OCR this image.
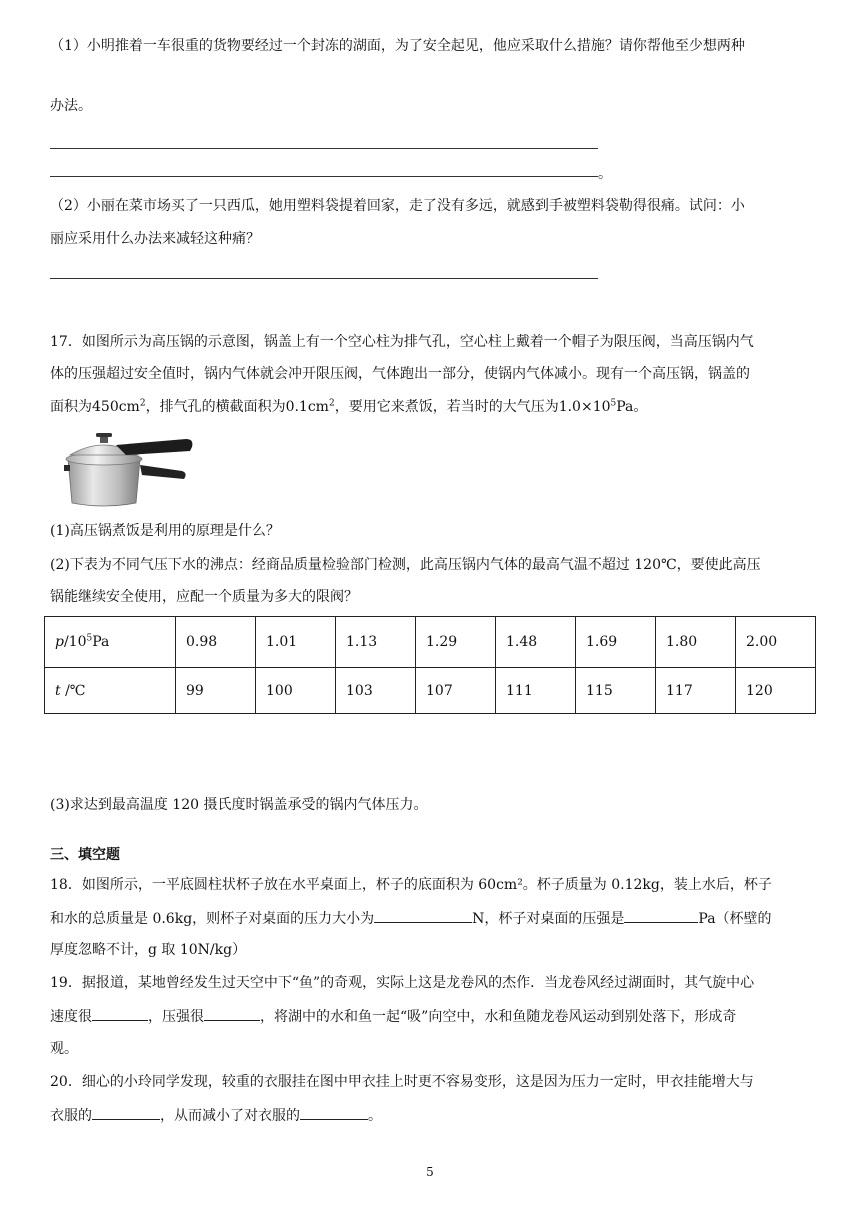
（1）小明推着一车很重的货物要经过一个封冻的湖面，为了安全起见，他应采取什么措施？请你帮他至少想两种
办法。
。
（2）小丽在菜市场买了一只西瓜，她用塑料袋提着回家，走了没有多远，就感到手被塑料袋勒得很痛。试问：小
丽应采用什么办法来减轻这种痛？
17．如图所示为高压锅的示意图，锅盖上有一个空心柱为排气孔，空心柱上戴着一个帽子为限压阀，当高压锅内气
体的压强超过安全值时，锅内气体就会冲开限压阀，气体跑出一部分，使锅内气体减小。现有一个高压锅，锅盖的
面积为$450cm^2$，排气孔的横截面积为$0.1cm^2$，要用它来煮饭，若当时的大气压为$1.0\times 10^5Pa$。
(1)高压锅煮饭是利用的原理是什么？
(2)下表为不同气压下水的沸点：经商品质量检验部门检测，此高压锅内气体的最高气温不超过 120℃，要使此高压
锅能继续安全使用，应配一个质量为多大的限阀？
$p/10^5Pa$	0.98	1.01	1.13	1.29	1.48	1.69	1.80	2.00
t /℃	99	100	103	107	111	115	117	120
(3)求达到最高温度 120 摄氏度时锅盖承受的锅内气体压力。
三、填空题
18．如图所示，一平底圆柱状杯子放在水平桌面上，杯子的底面积为 60cm²。杯子质量为 0.12kg，装上水后，杯子
和水的总质量是 0.6kg，则杯子对桌面的压力大小为	N，杯子对桌面的压强是	Pa（杯壁的
厚度忽略不计，g 取 10N/kg）
19．据报道，某地曾经发生过天空中下“鱼”的奇观，实际上这是龙卷风的杰作．当龙卷风经过湖面时，其气旋中心
速度很	，压强很	，将湖中的水和鱼一起“吸”向空中，水和鱼随龙卷风运动到别处落下，形成奇
观。
20．细心的小玲同学发现，较重的衣服挂在图中甲衣挂上时更不容易变形，这是因为压力一定时，甲衣挂能增大与
衣服的	，从而减小了对衣服的	。
5
